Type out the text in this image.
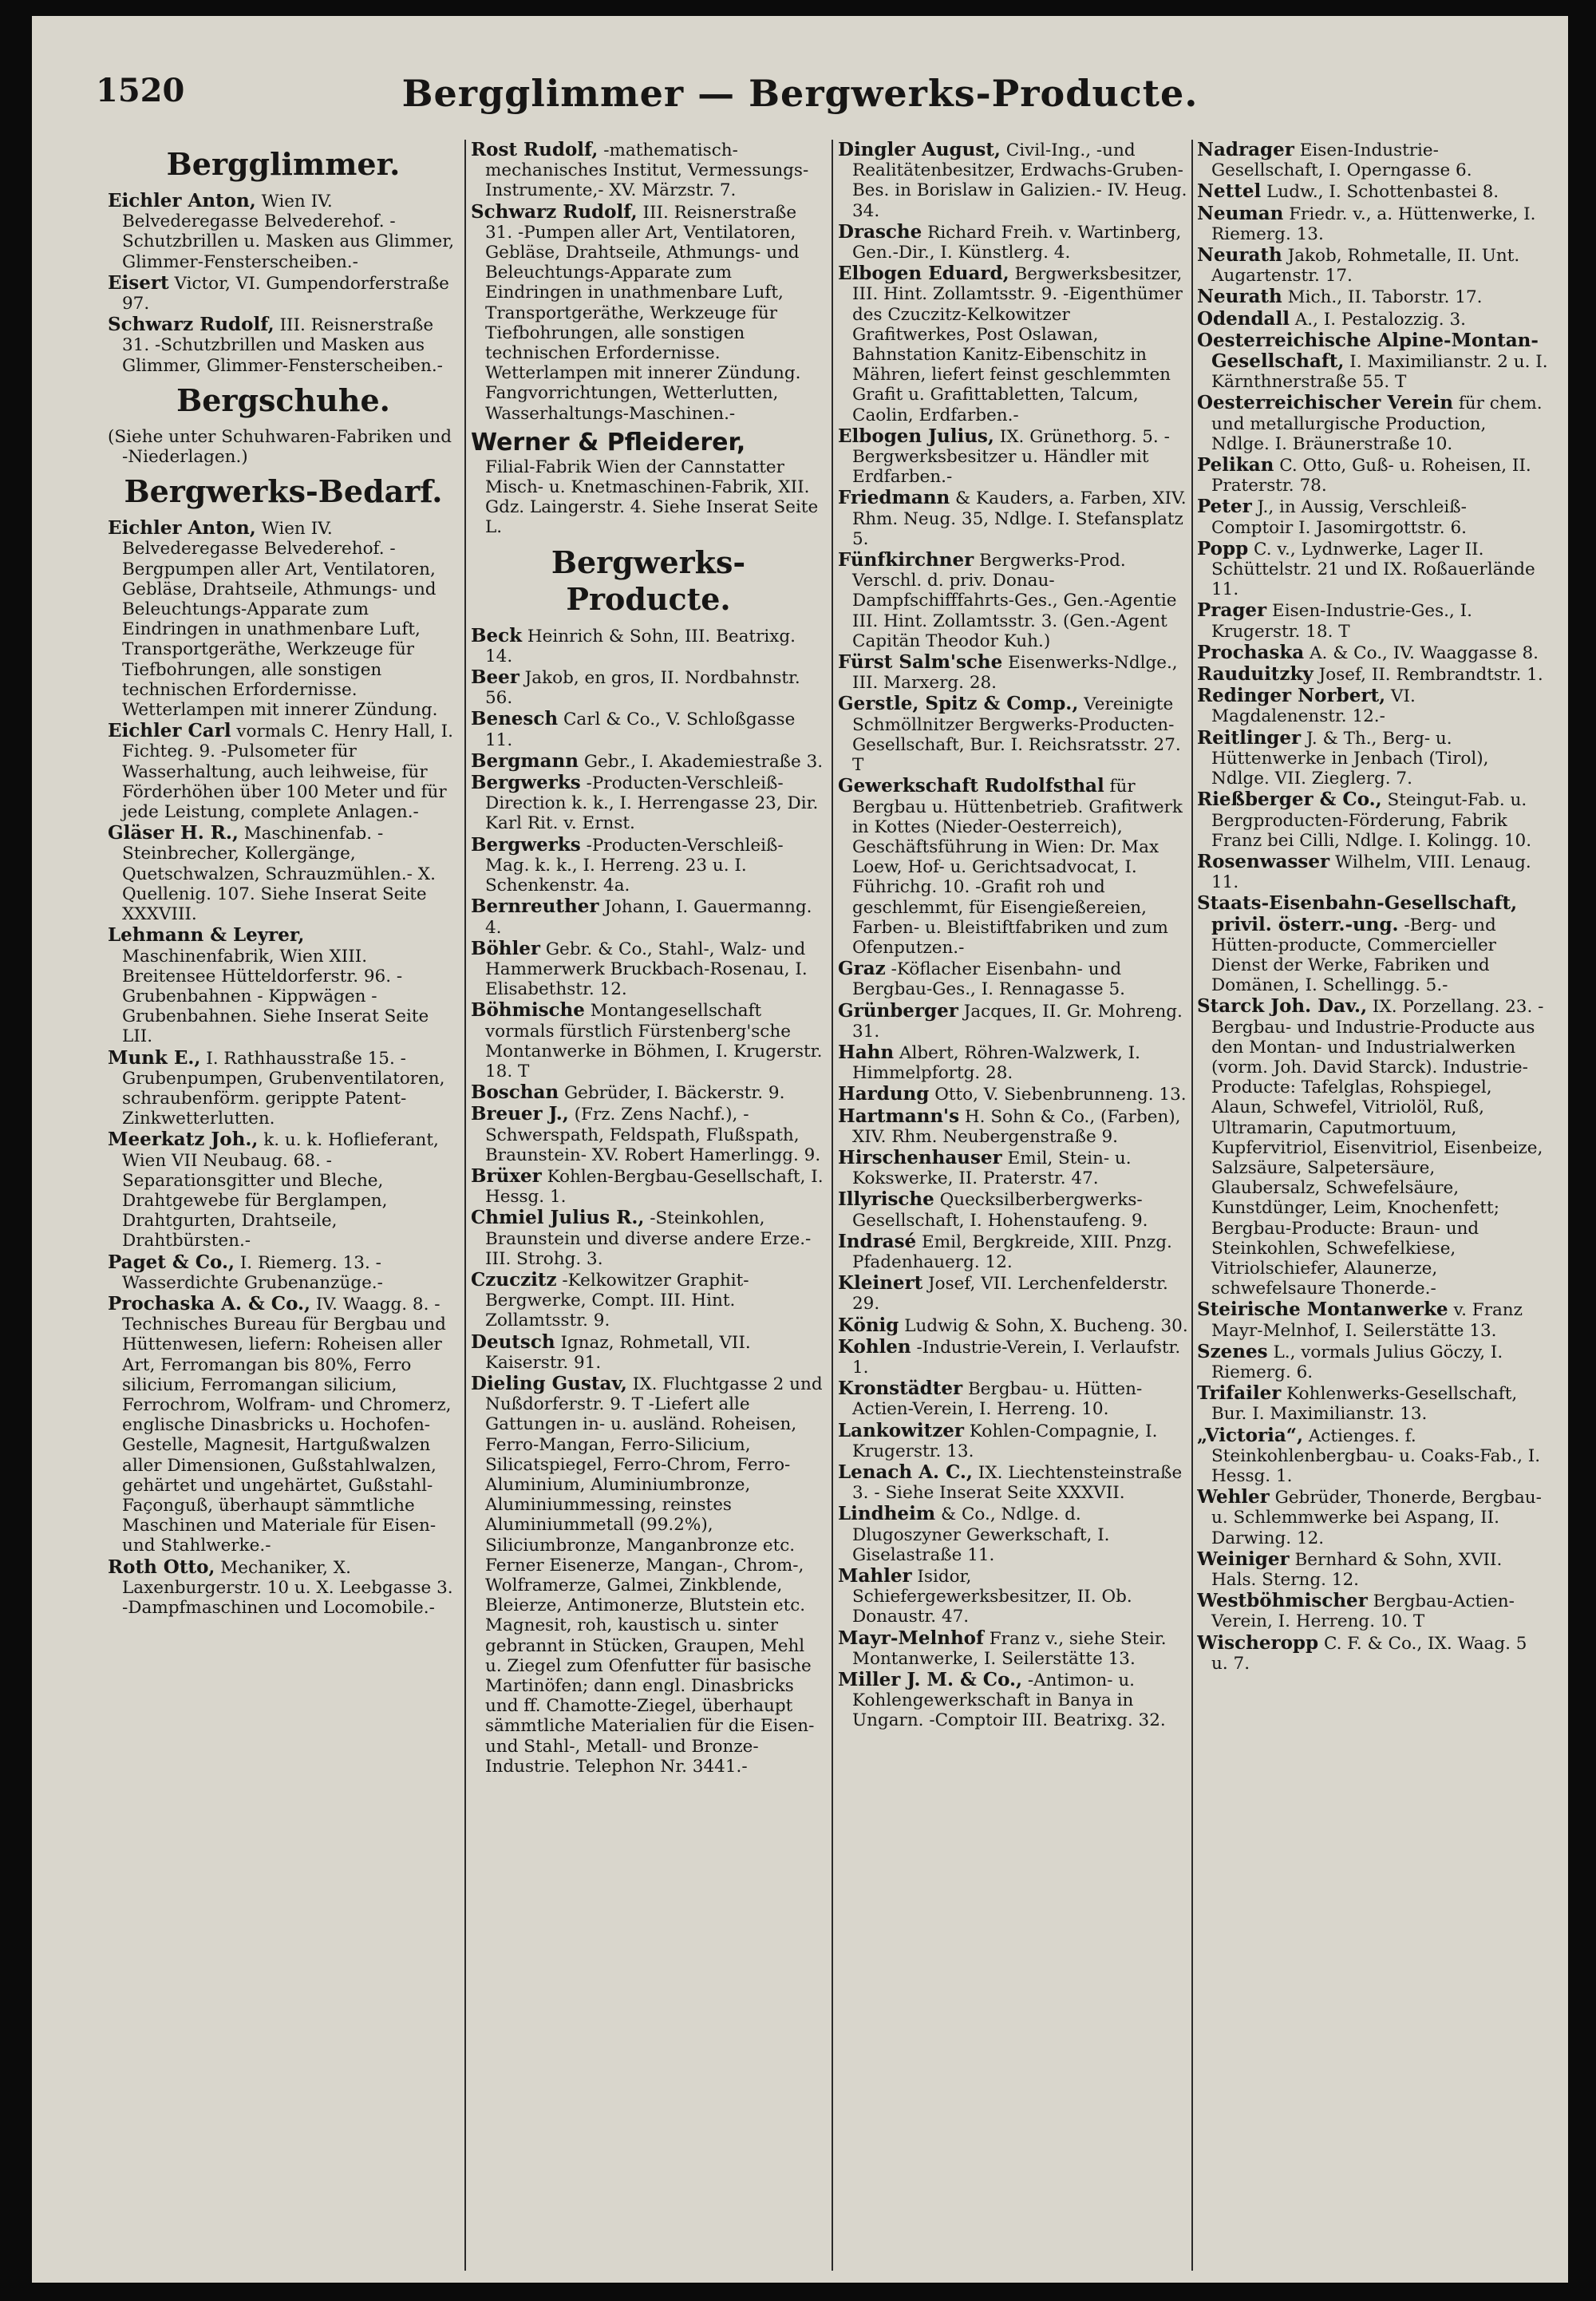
1520	Bergglimmer — Bergwerks-Producte.
Bergglimmer.
Eichler Anton, Wien IV. Belvederegasse Belvederehof. -Schutzbrillen u. Masken aus Glimmer, Glimmer-Fensterscheiben.-
Eisert Victor, VI. Gumpendorferstraße 97.
Schwarz Rudolf, III. Reisnerstraße 31. -Schutzbrillen und Masken aus Glimmer, Glimmer-Fensterscheiben.-
Bergschuhe.
(Siehe unter Schuhwaren-Fabriken und -Niederlagen.)
Bergwerks-Bedarf.
Eichler Anton, Wien IV. Belvederegasse Belvederehof. -Bergpumpen aller Art, Ventilatoren, Gebläse, Drahtseile, Athmungs- und Beleuchtungs-Apparate zum Eindringen in unathmenbare Luft, Transportgeräthe, Werkzeuge für Tiefbohrungen, alle sonstigen technischen Erfordernisse. Wetterlampen mit innerer Zündung.
Eichler Carl vormals C. Henry Hall, I. Fichteg. 9. -Pulsometer für Wasserhaltung, auch leihweise, für Förderhöhen über 100 Meter und für jede Leistung, complete Anlagen.-
Gläser H. R., Maschinenfab. -Steinbrecher, Kollergänge, Quetschwalzen, Schrauzmühlen.- X. Quellenig. 107. Siehe Inserat Seite XXXVIII.
Lehmann & Leyrer, Maschinenfabrik, Wien XIII. Breitensee Hütteldorferstr. 96. -Grubenbahnen - Kippwägen - Grubenbahnen. Siehe Inserat Seite LII.
Munk E., I. Rathhausstraße 15. -Grubenpumpen, Grubenventilatoren, schraubenförm. gerippte Patent-Zinkwetterlutten.
Meerkatz Joh., k. u. k. Hoflieferant, Wien VII Neubaug. 68. -Separationsgitter und Bleche, Drahtgewebe für Berglampen, Drahtgurten, Drahtseile, Drahtbürsten.-
Paget & Co., I. Riemerg. 13. -Wasserdichte Grubenanzüge.-
Prochaska A. & Co., IV. Waagg. 8. -Technisches Bureau für Bergbau und Hüttenwesen, liefern: Roheisen aller Art, Ferromangan bis 80%, Ferro silicium, Ferromangan silicium, Ferrochrom, Wolfram- und Chromerz, englische Dinasbricks u. Hochofen-Gestelle, Magnesit, Hartgußwalzen aller Dimensionen, Gußstahlwalzen, gehärtet und ungehärtet, Gußstahl-Façonguß, überhaupt sämmtliche Maschinen und Materiale für Eisen- und Stahlwerke.-
Roth Otto, Mechaniker, X. Laxenburgerstr. 10 u. X. Leebgasse 3. -Dampfmaschinen und Locomobile.-
Rost Rudolf, -mathematisch-mechanisches Institut, Vermessungs-Instrumente,- XV. Märzstr. 7.
Schwarz Rudolf, III. Reisnerstraße 31. -Pumpen aller Art, Ventilatoren, Gebläse, Drahtseile, Athmungs- und Beleuchtungs-Apparate zum Eindringen in unathmenbare Luft, Transportgeräthe, Werkzeuge für Tiefbohrungen, alle sonstigen technischen Erfordernisse. Wetterlampen mit innerer Zündung. Fangvorrichtungen, Wetterlutten, Wasserhaltungs-Maschinen.-
Werner & Pfleiderer,
Filial-Fabrik Wien der Cannstatter Misch- u. Knetmaschinen-Fabrik, XII. Gdz. Laingerstr. 4. Siehe Inserat Seite L.
Bergwerks-Producte.
Beck Heinrich & Sohn, III. Beatrixg. 14.
Beer Jakob, en gros, II. Nordbahnstr. 56.
Benesch Carl & Co., V. Schloßgasse 11.
Bergmann Gebr., I. Akademiestraße 3.
Bergwerks -Producten-Verschleiß-Direction k. k., I. Herrengasse 23, Dir. Karl Rit. v. Ernst.
Bergwerks -Producten-Verschleiß-Mag. k. k., I. Herreng. 23 u. I. Schenkenstr. 4a.
Bernreuther Johann, I. Gauermanng. 4.
Böhler Gebr. & Co., Stahl-, Walz- und Hammerwerk Bruckbach-Rosenau, I. Elisabethstr. 12.
Böhmische Montangesellschaft vormals fürstlich Fürstenberg'sche Montanwerke in Böhmen, I. Krugerstr. 18. T
Boschan Gebrüder, I. Bäckerstr. 9.
Breuer J., (Frz. Zens Nachf.), -Schwerspath, Feldspath, Flußspath, Braunstein- XV. Robert Hamerlingg. 9.
Brüxer Kohlen-Bergbau-Gesellschaft, I. Hessg. 1.
Chmiel Julius R., -Steinkohlen, Braunstein und diverse andere Erze.- III. Strohg. 3.
Czuczitz -Kelkowitzer Graphit-Bergwerke, Compt. III. Hint. Zollamtsstr. 9.
Deutsch Ignaz, Rohmetall, VII. Kaiserstr. 91.
Dieling Gustav, IX. Fluchtgasse 2 und Nußdorferstr. 9. T -Liefert alle Gattungen in- u. ausländ. Roheisen, Ferro-Mangan, Ferro-Silicium, Silicatspiegel, Ferro-Chrom, Ferro-Aluminium, Aluminiumbronze, Aluminiummessing, reinstes Aluminiummetall (99.2%), Siliciumbronze, Manganbronze etc. Ferner Eisenerze, Mangan-, Chrom-, Wolframerze, Galmei, Zinkblende, Bleierze, Antimonerze, Blutstein etc. Magnesit, roh, kaustisch u. sinter gebrannt in Stücken, Graupen, Mehl u. Ziegel zum Ofenfutter für basische Martinöfen; dann engl. Dinasbricks und ff. Chamotte-Ziegel, überhaupt sämmtliche Materialien für die Eisen- und Stahl-, Metall- und Bronze-Industrie. Telephon Nr. 3441.-
Dingler August, Civil-Ing., -und Realitätenbesitzer, Erdwachs-Gruben-Bes. in Borislaw in Galizien.- IV. Heug. 34.
Drasche Richard Freih. v. Wartinberg, Gen.-Dir., I. Künstlerg. 4.
Elbogen Eduard, Bergwerksbesitzer, III. Hint. Zollamtsstr. 9. -Eigenthümer des Czuczitz-Kelkowitzer Grafitwerkes, Post Oslawan, Bahnstation Kanitz-Eibenschitz in Mähren, liefert feinst geschlemmten Grafit u. Grafittabletten, Talcum, Caolin, Erdfarben.-
Elbogen Julius, IX. Grünethorg. 5. -Bergwerksbesitzer u. Händler mit Erdfarben.-
Friedmann & Kauders, a. Farben, XIV. Rhm. Neug. 35, Ndlge. I. Stefansplatz 5.
Fünfkirchner Bergwerks-Prod. Verschl. d. priv. Donau-Dampfschifffahrts-Ges., Gen.-Agentie III. Hint. Zollamtsstr. 3. (Gen.-Agent Capitän Theodor Kuh.)
Fürst Salm'sche Eisenwerks-Ndlge., III. Marxerg. 28.
Gerstle, Spitz & Comp., Vereinigte Schmöllnitzer Bergwerks-Producten-Gesellschaft, Bur. I. Reichsratsstr. 27. T
Gewerkschaft Rudolfsthal für Bergbau u. Hüttenbetrieb. Grafitwerk in Kottes (Nieder-Oesterreich), Geschäftsführung in Wien: Dr. Max Loew, Hof- u. Gerichtsadvocat, I. Führichg. 10. -Grafit roh und geschlemmt, für Eisengießereien, Farben- u. Bleistiftfabriken und zum Ofenputzen.-
Graz -Köflacher Eisenbahn- und Bergbau-Ges., I. Rennagasse 5.
Grünberger Jacques, II. Gr. Mohreng. 31.
Hahn Albert, Röhren-Walzwerk, I. Himmelpfortg. 28.
Hardung Otto, V. Siebenbrunneng. 13.
Hartmann's H. Sohn & Co., (Farben), XIV. Rhm. Neubergenstraße 9.
Hirschenhauser Emil, Stein- u. Kokswerke, II. Praterstr. 47.
Illyrische Quecksilberbergwerks-Gesellschaft, I. Hohenstaufeng. 9.
Indrasé Emil, Bergkreide, XIII. Pnzg. Pfadenhauerg. 12.
Kleinert Josef, VII. Lerchenfelderstr. 29.
König Ludwig & Sohn, X. Bucheng. 30.
Kohlen -Industrie-Verein, I. Verlaufstr. 1.
Kronstädter Bergbau- u. Hütten-Actien-Verein, I. Herreng. 10.
Lankowitzer Kohlen-Compagnie, I. Krugerstr. 13.
Lenach A. C., IX. Liechtensteinstraße 3. - Siehe Inserat Seite XXXVII.
Lindheim & Co., Ndlge. d. Dlugoszyner Gewerkschaft, I. Giselastraße 11.
Mahler Isidor, Schiefergewerksbesitzer, II. Ob. Donaustr. 47.
Mayr-Melnhof Franz v., siehe Steir. Montanwerke, I. Seilerstätte 13.
Miller J. M. & Co., -Antimon- u. Kohlengewerkschaft in Banya in Ungarn. -Comptoir III. Beatrixg. 32.
Nadrager Eisen-Industrie-Gesellschaft, I. Operngasse 6.
Nettel Ludw., I. Schottenbastei 8.
Neuman Friedr. v., a. Hüttenwerke, I. Riemerg. 13.
Neurath Jakob, Rohmetalle, II. Unt. Augartenstr. 17.
Neurath Mich., II. Taborstr. 17.
Odendall A., I. Pestalozzig. 3.
Oesterreichische Alpine-Montan-Gesellschaft, I. Maximilianstr. 2 u. I. Kärnthnerstraße 55. T
Oesterreichischer Verein für chem. und metallurgische Production, Ndlge. I. Bräunerstraße 10.
Pelikan C. Otto, Guß- u. Roheisen, II. Praterstr. 78.
Peter J., in Aussig, Verschleiß-Comptoir I. Jasomirgottstr. 6.
Popp C. v., Lydnwerke, Lager II. Schüttelstr. 21 und IX. Roßauerlände 11.
Prager Eisen-Industrie-Ges., I. Krugerstr. 18. T
Prochaska A. & Co., IV. Waaggasse 8.
Rauduitzky Josef, II. Rembrandtstr. 1.
Redinger Norbert, VI. Magdalenenstr. 12.-
Reitlinger J. & Th., Berg- u. Hüttenwerke in Jenbach (Tirol), Ndlge. VII. Zieglerg. 7.
Rießberger & Co., Steingut-Fab. u. Bergproducten-Förderung, Fabrik Franz bei Cilli, Ndlge. I. Kolingg. 10.
Rosenwasser Wilhelm, VIII. Lenaug. 11.
Staats-Eisenbahn-Gesellschaft, privil. österr.-ung. -Berg- und Hütten-producte, Commercieller Dienst der Werke, Fabriken und Domänen, I. Schellingg. 5.-
Starck Joh. Dav., IX. Porzellang. 23. - Bergbau- und Industrie-Producte aus den Montan- und Industrialwerken (vorm. Joh. David Starck). Industrie-Producte: Tafelglas, Rohspiegel, Alaun, Schwefel, Vitriolöl, Ruß, Ultramarin, Caputmortuum, Kupfervitriol, Eisenvitriol, Eisenbeize, Salzsäure, Salpetersäure, Glaubersalz, Schwefelsäure, Kunstdünger, Leim, Knochenfett; Bergbau-Producte: Braun- und Steinkohlen, Schwefelkiese, Vitriolschiefer, Alaunerze, schwefelsaure Thonerde.-
Steirische Montanwerke v. Franz Mayr-Melnhof, I. Seilerstätte 13.
Szenes L., vormals Julius Göczy, I. Riemerg. 6.
Trifailer Kohlenwerks-Gesellschaft, Bur. I. Maximilianstr. 13.
„Victoria“, Actienges. f. Steinkohlenbergbau- u. Coaks-Fab., I. Hessg. 1.
Wehler Gebrüder, Thonerde, Bergbau- u. Schlemmwerke bei Aspang, II. Darwing. 12.
Weiniger Bernhard & Sohn, XVII. Hals. Sterng. 12.
Westböhmischer Bergbau-Actien-Verein, I. Herreng. 10. T
Wischeropp C. F. & Co., IX. Waag. 5 u. 7.
